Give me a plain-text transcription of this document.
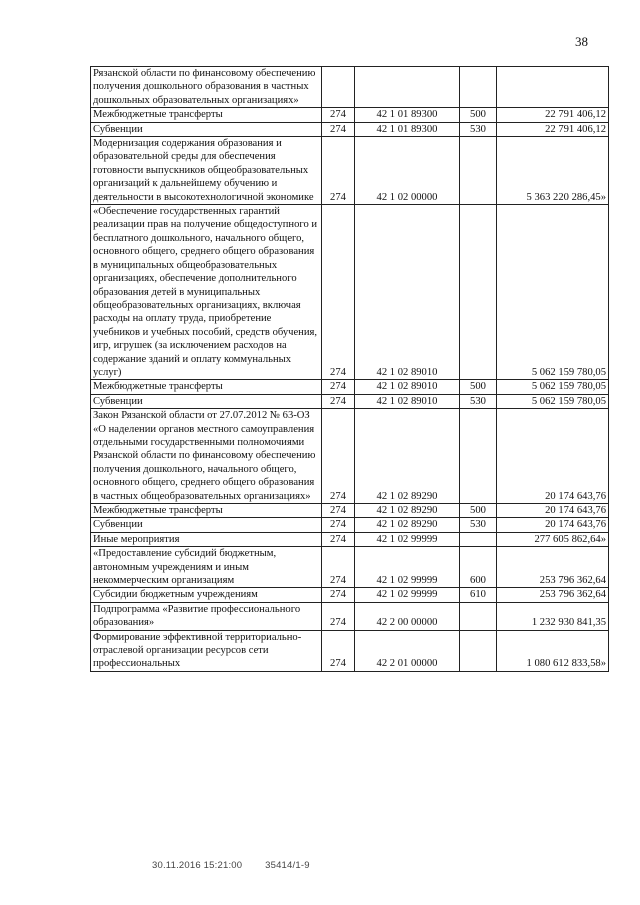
38
Рязанской области по финансовому обеспечению получения дошкольного образования в частных дошкольных образовательных организациях»				
Межбюджетные трансферты	274	42 1 01 89300	500	22 791 406,12
Субвенции	274	42 1 01 89300	530	22 791 406,12
Модернизация содержания образования и образовательной среды для обеспечения готовности выпускников общеобразовательных организаций к дальнейшему обучению и деятельности в высокотехнологичной экономике	274	42 1 02 00000		5 363 220 286,45»
«Обеспечение государственных гарантий реализации прав на получение общедоступного и бесплатного дошкольного, начального общего, основного общего, среднего общего образования в муниципальных общеобразовательных организациях, обеспечение дополнительного образования детей в муниципальных общеобразовательных организациях, включая расходы на оплату труда, приобретение учебников и учебных пособий, средств обучения, игр, игрушек (за исключением расходов на содержание зданий и оплату коммунальных услуг)	274	42 1 02 89010		5 062 159 780,05
Межбюджетные трансферты	274	42 1 02 89010	500	5 062 159 780,05
Субвенции	274	42 1 02 89010	530	5 062 159 780,05
Закон Рязанской области от 27.07.2012 № 63-ОЗ «О наделении органов местного самоуправления отдельными государственными полномочиями Рязанской области по финансовому обеспечению получения дошкольного, начального общего, основного общего, среднего общего образования в частных общеобразовательных организациях»	274	42 1 02 89290		20 174 643,76
Межбюджетные трансферты	274	42 1 02 89290	500	20 174 643,76
Субвенции	274	42 1 02 89290	530	20 174 643,76
Иные мероприятия	274	42 1 02 99999		277 605 862,64»
«Предоставление субсидий бюджетным, автономным учреждениям и иным некоммерческим организациям	274	42 1 02 99999	600	253 796 362,64
Субсидии бюджетным учреждениям	274	42 1 02 99999	610	253 796 362,64
Подпрограмма «Развитие профессионального образования»	274	42 2 00 00000		1 232 930 841,35
Формирование эффективной территориально-отраслевой организации ресурсов сети профессиональных	274	42 2 01 00000		1 080 612 833,58»
30.11.2016 15:21:00 35414/1-9
